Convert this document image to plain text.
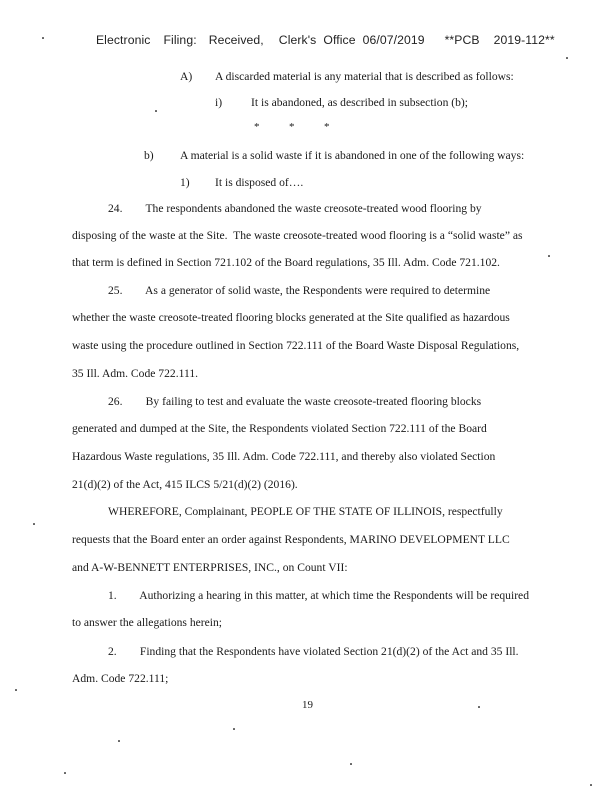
Electronic Filing: Received, Clerk's Office 06/07/2019 **PCB 2019-112**

A) A discarded material is any material that is described as follows:
i) It is abandoned, as described in subsection (b);
*	*	*
b) A material is a solid waste if it is abandoned in one of the following ways:
1) It is disposed of….
24.        The respondents abandoned the waste creosote-treated wood flooring by
disposing of the waste at the Site.  The waste creosote-treated wood flooring is a “solid waste” as
that term is defined in Section 721.102 of the Board regulations, 35 Ill. Adm. Code 721.102.
25.        As a generator of solid waste, the Respondents were required to determine
whether the waste creosote-treated flooring blocks generated at the Site qualified as hazardous
waste using the procedure outlined in Section 722.111 of the Board Waste Disposal Regulations,
35 Ill. Adm. Code 722.111.
26.        By failing to test and evaluate the waste creosote-treated flooring blocks
generated and dumped at the Site, the Respondents violated Section 722.111 of the Board
Hazardous Waste regulations, 35 Ill. Adm. Code 722.111, and thereby also violated Section
21(d)(2) of the Act, 415 ILCS 5/21(d)(2) (2016).
WHEREFORE, Complainant, PEOPLE OF THE STATE OF ILLINOIS, respectfully
requests that the Board enter an order against Respondents, MARINO DEVELOPMENT LLC
and A-W-BENNETT ENTERPRISES, INC., on Count VII:
1.        Authorizing a hearing in this matter, at which time the Respondents will be required
to answer the allegations herein;
2.        Finding that the Respondents have violated Section 21(d)(2) of the Act and 35 Ill.
Adm. Code 722.111;
19
